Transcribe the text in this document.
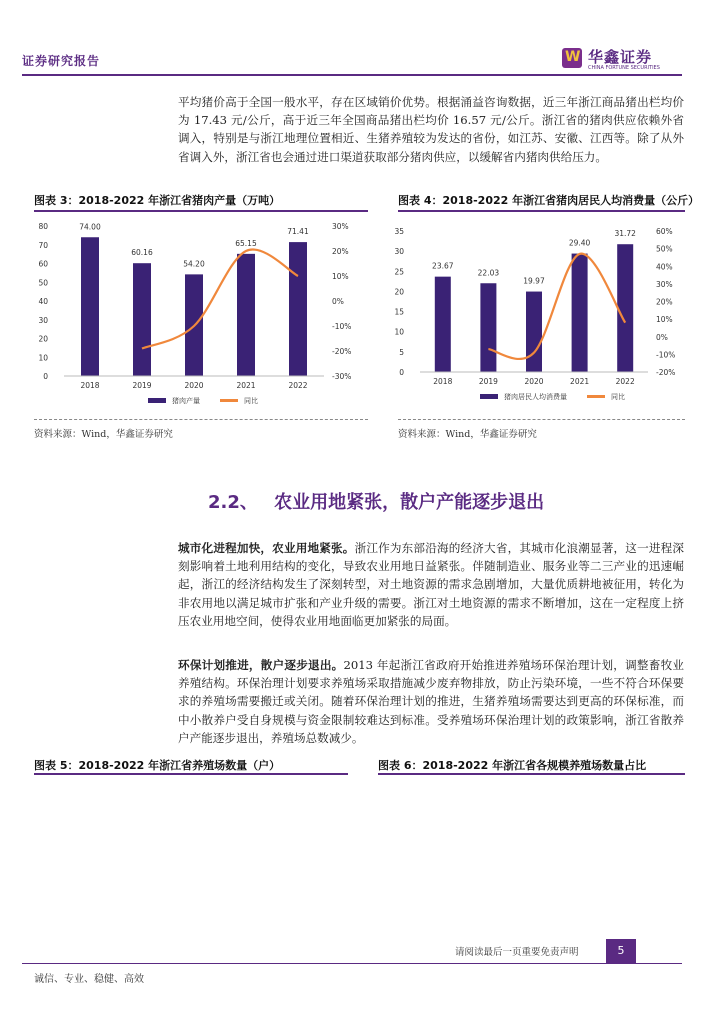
证券研究报告
W	华鑫证券
CHINA FORTUNE SECURITIES
平均猪价高于全国一般水平，存在区域销价优势。根据涌益咨询数据，近三年浙江商品猪出栏均价为 17.43 元/公斤，高于近三年全国商品猪出栏均价 16.57 元/公斤。浙江省的猪肉供应依赖外省调入，特别是与浙江地理位置相近、生猪养殖较为发达的省份，如江苏、安徽、江西等。除了从外省调入外，浙江省也会通过进口渠道获取部分猪肉供应，以缓解省内猪肉供给压力。
图表 3：2018-2022 年浙江省猪肉产量（万吨）
0
10
20
30
40
50
60
70
80
-30%
-20%
-10%
0%
10%
20%
30%
74.00
60.16
54.20
65.15
71.41
2018	2019	2020	2021	2022
猪肉产量	同比
资料来源：Wind，华鑫证券研究
图表 4：2018-2022 年浙江省猪肉居民人均消费量（公斤）
0
5
10
15
20
25
30
35
-20%
-10%
0%
10%
20%
30%
40%
50%
60%
23.67
22.03
19.97
29.40
31.72
2018	2019	2020	2021	2022
猪肉居民人均消费量	同比
资料来源：Wind，华鑫证券研究
2.2、 农业用地紧张，散户产能逐步退出
城市化进程加快，农业用地紧张。浙江作为东部沿海的经济大省，其城市化浪潮显著，这一进程深刻影响着土地利用结构的变化，导致农业用地日益紧张。伴随制造业、服务业等二三产业的迅速崛起，浙江的经济结构发生了深刻转型，对土地资源的需求急剧增加，大量优质耕地被征用，转化为非农用地以满足城市扩张和产业升级的需要。浙江对土地资源的需求不断增加，这在一定程度上挤压农业用地空间，使得农业用地面临更加紧张的局面。
环保计划推进，散户逐步退出。2013 年起浙江省政府开始推进养殖场环保治理计划，调整畜牧业养殖结构。环保治理计划要求养殖场采取措施减少废弃物排放，防止污染环境，一些不符合环保要求的养殖场需要搬迁或关闭。随着环保治理计划的推进，生猪养殖场需要达到更高的环保标准，而中小散养户受自身规模与资金限制较难达到标准。受养殖场环保治理计划的政策影响，浙江省散养户产能逐步退出，养殖场总数减少。
图表 5：2018-2022 年浙江省养殖场数量（户）	图表 6：2018-2022 年浙江省各规模养殖场数量占比
请阅读最后一页重要免责声明	5
诚信、专业、稳健、高效
